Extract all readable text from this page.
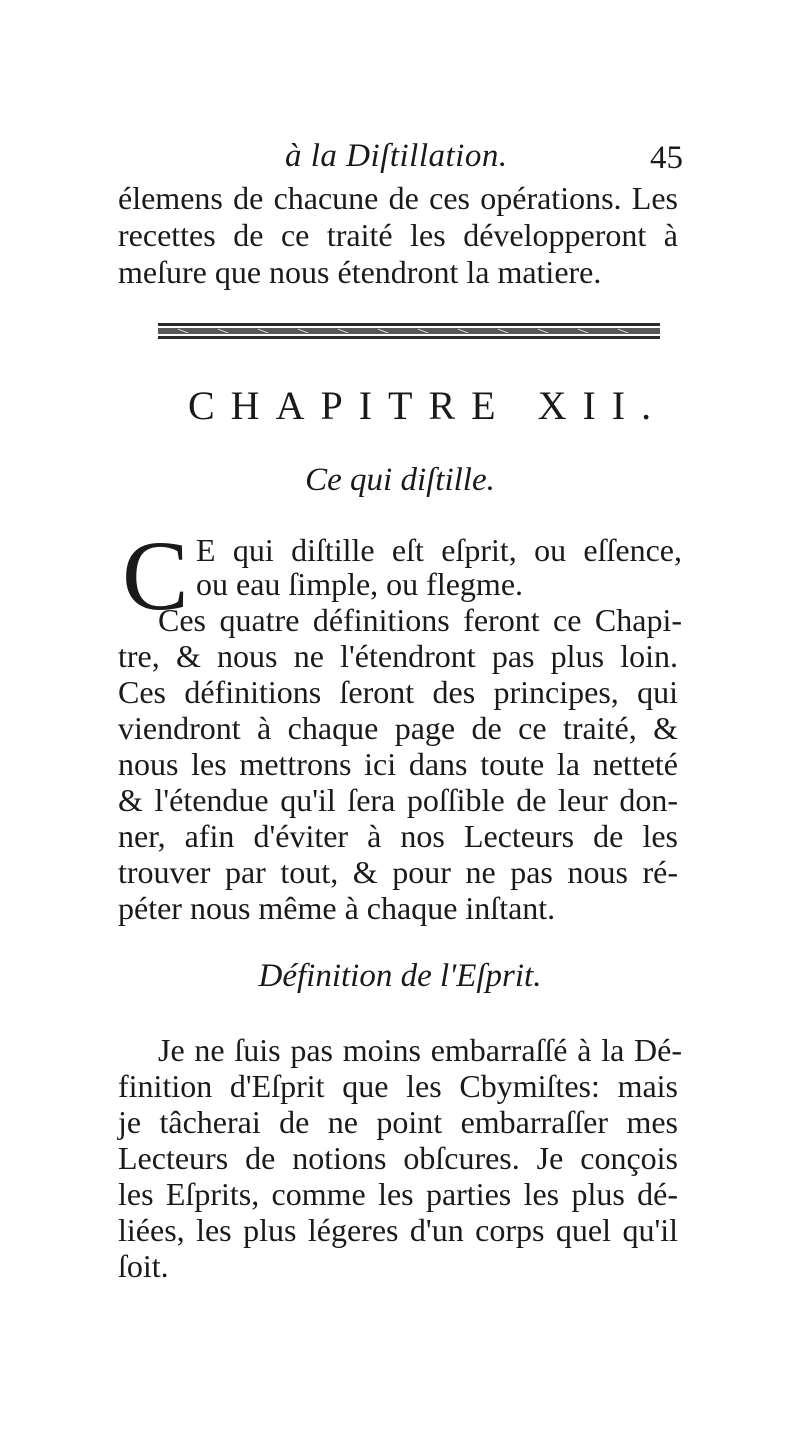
à la Diſtillation.	45
élemens de chacune de ces opérations. Les
recettes de ce traité les développeront à
meſure que nous étendront la matiere.
CHAPITRE XII.
Ce qui diſtille.
C E qui diſtille eſt eſprit, ou eſſence,
ou eau ſimple, ou flegme.
Ces quatre définitions feront ce Chapi-
tre, & nous ne l'étendront pas plus loin.
Ces définitions ſeront des principes, qui
viendront à chaque page de ce traité, &
nous les mettrons ici dans toute la netteté
& l'étendue qu'il ſera poſſible de leur don-
ner, afin d'éviter à nos Lecteurs de les
trouver par tout, & pour ne pas nous ré-
péter nous même à chaque inſtant.
Définition de l'Eſprit.
Je ne ſuis pas moins embarraſſé à la Dé-
finition d'Eſprit que les Cbymiſtes: mais
je tâcherai de ne point embarraſſer mes
Lecteurs de notions obſcures. Je conçois
les Eſprits, comme les parties les plus dé-
liées, les plus légeres d'un corps quel qu'il
ſoit.
